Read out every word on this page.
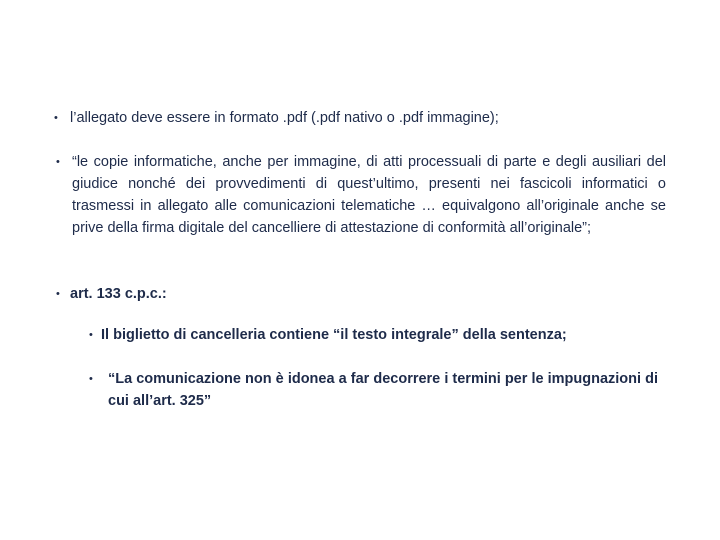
• l’allegato deve essere in formato .pdf (.pdf nativo o .pdf immagine);
• “le copie informatiche, anche per immagine, di atti processuali di parte e degli ausiliari del giudice nonché dei provvedimenti di quest’ultimo, presenti nei fascicoli informatici o trasmessi in allegato alle comunicazioni telematiche … equivalgono all’originale anche se prive della firma digitale del cancelliere di attestazione di conformità all’originale”;
• art. 133 c.p.c.:
• Il biglietto di cancelleria contiene “il testo integrale” della sentenza;
• “La comunicazione non è idonea a far decorrere i termini per le impugnazioni di cui all’art. 325”
